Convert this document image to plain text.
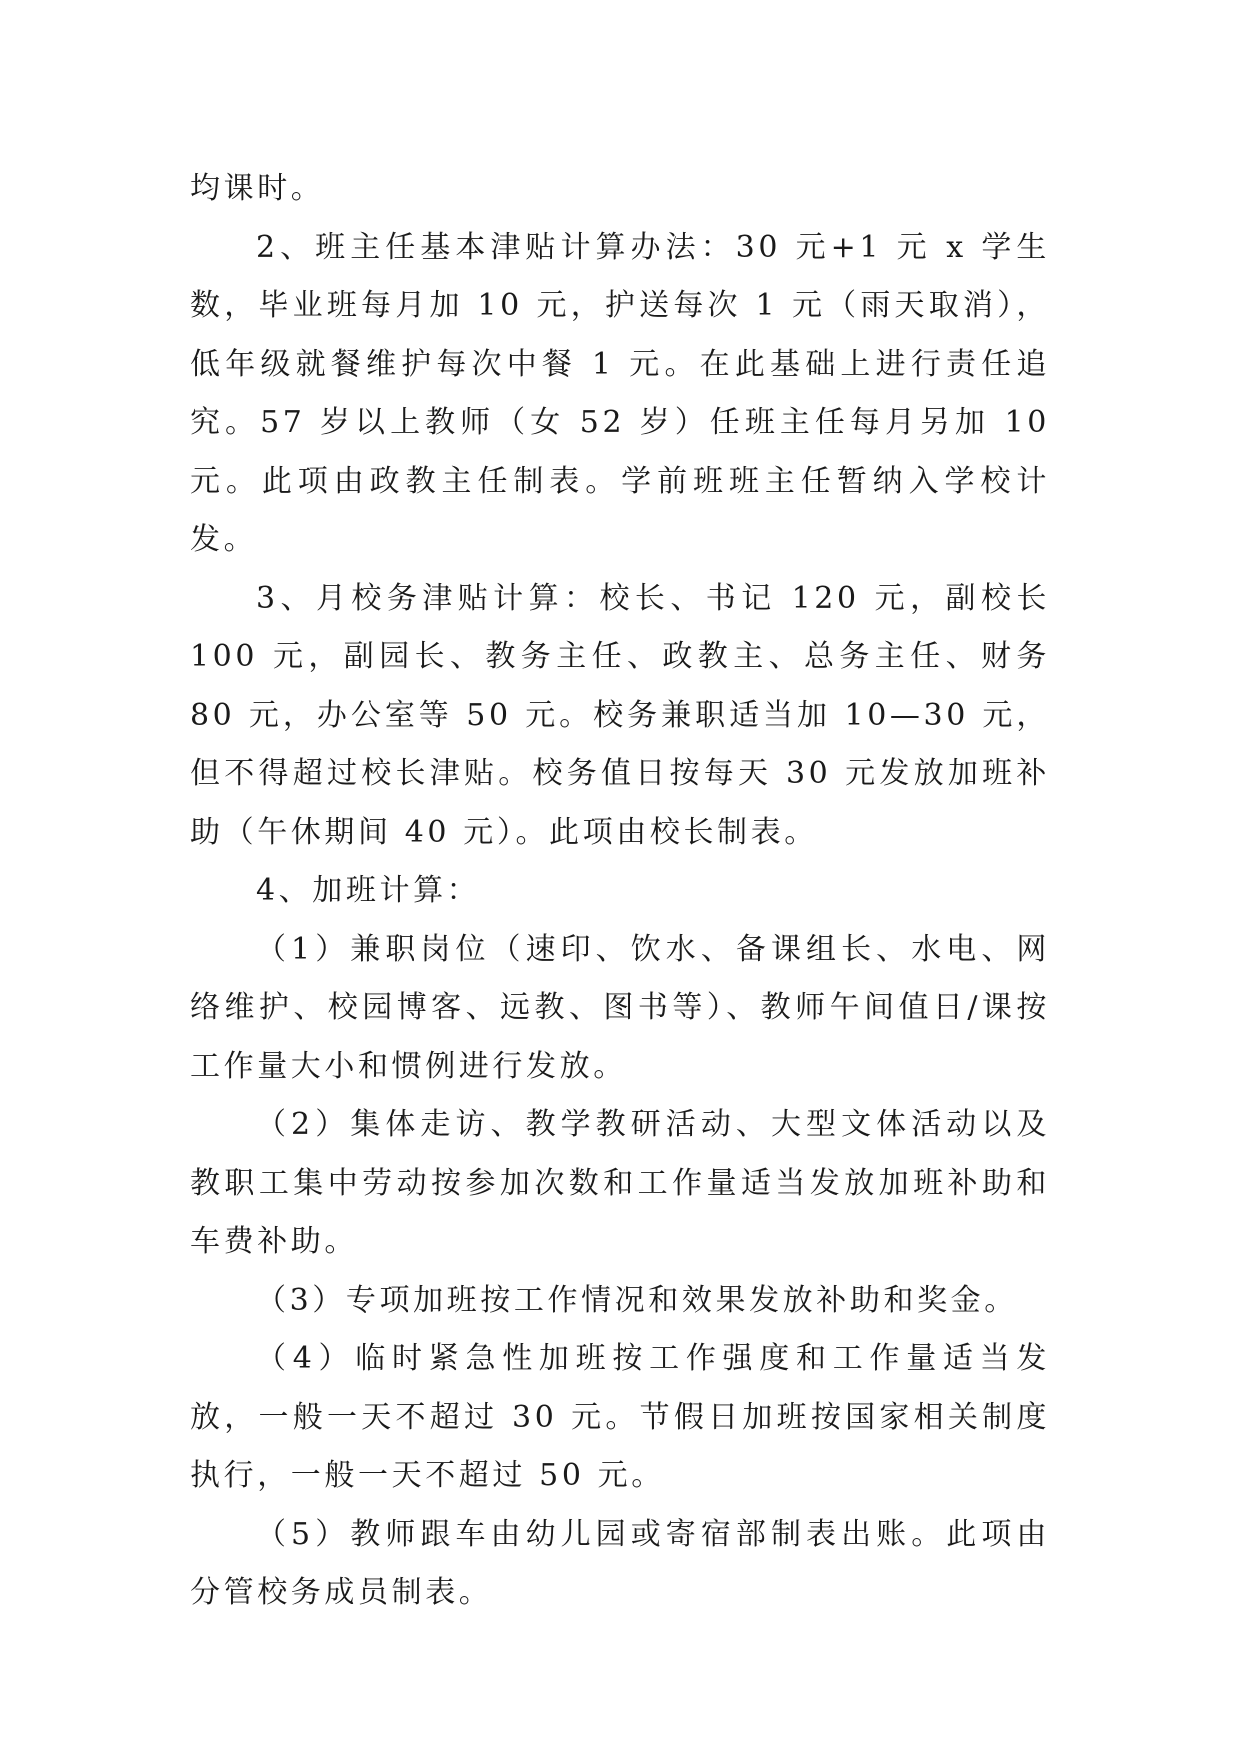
均课时。

2、班主任基本津贴计算办法：30 元+1 元 x 学生数，毕业班每月加 10 元，护送每次 1 元（雨天取消），低年级就餐维护每次中餐 1 元。在此基础上进行责任追究。57 岁以上教师（女 52 岁）任班主任每月另加 10 元。此项由政教主任制表。学前班班主任暂纳入学校计发。

3、月校务津贴计算：校长、书记 120 元，副校长 100 元，副园长、教务主任、政教主、总务主任、财务 80 元，办公室等 50 元。校务兼职适当加 10—30 元，但不得超过校长津贴。校务值日按每天 30 元发放加班补助（午休期间 40 元）。此项由校长制表。

4、加班计算：

（1）兼职岗位（速印、饮水、备课组长、水电、网络维护、校园博客、远教、图书等）、教师午间值日/课按工作量大小和惯例进行发放。

（2）集体走访、教学教研活动、大型文体活动以及教职工集中劳动按参加次数和工作量适当发放加班补助和车费补助。

（3）专项加班按工作情况和效果发放补助和奖金。

（4）临时紧急性加班按工作强度和工作量适当发放，一般一天不超过 30 元。节假日加班按国家相关制度执行，一般一天不超过 50 元。

（5）教师跟车由幼儿园或寄宿部制表出账。此项由分管校务成员制表。
